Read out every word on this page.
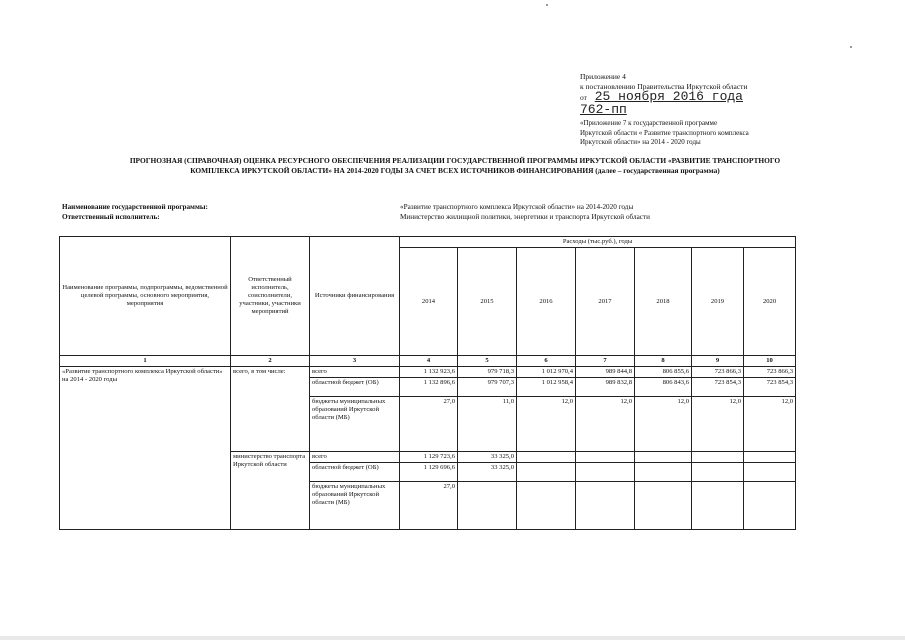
Приложение 4
к постановлению Правительства Иркутской области
от 25 ноября 2016 года
762-пп
«Приложение 7 к государственной программе
Иркутской области « Развитие транспортного комплекса
Иркутской области» на 2014 - 2020 годы
ПРОГНОЗНАЯ (СПРАВОЧНАЯ) ОЦЕНКА РЕСУРСНОГО ОБЕСПЕЧЕНИЯ РЕАЛИЗАЦИИ ГОСУДАРСТВЕННОЙ ПРОГРАММЫ ИРКУТСКОЙ ОБЛАСТИ «РАЗВИТИЕ ТРАНСПОРТНОГО
КОМПЛЕКСА ИРКУТСКОЙ ОБЛАСТИ» НА 2014-2020 ГОДЫ ЗА СЧЕТ ВСЕХ ИСТОЧНИКОВ ФИНАНСИРОВАНИЯ (далее – государственная программа)
Наименование государственной программы:	«Развитие транспортного комплекса Иркутской области» на 2014-2020 годы
Ответственный исполнитель:	Министерство жилищной политики, энергетики и транспорта Иркутской области
Наименование программы, подпрограммы, ведомственной целевой программы, основного мероприятия, мероприятия	Ответственный исполнитель, соисполнители, участники, участники мероприятий	Источники финансирования	Расходы (тыс.руб.), годы						
			2014	2015	2016	2017	2018	2019	2020
1	2	3	4	5	6	7	8	9	10
«Развитие транспортного комплекса Иркутской области» на 2014 - 2020 годы	всего, в том числе:	всего	1 132 923,6	979 718,3	1 012 970,4	989 844,8	806 855,6	723 866,3	723 866,3
		областной бюджет (ОБ)	1 132 896,6	979 707,3	1 012 958,4	989 832,8	806 843,6	723 854,3	723 854,3
		бюджеты муниципальных образований Иркутской области (МБ)	27,0	11,0	12,0	12,0	12,0	12,0	12,0
	министерство транспорта Иркутской области	всего	1 129 723,6	33 325,0					
		областной бюджет (ОБ)	1 129 696,6	33 325,0					
		бюджеты муниципальных образований Иркутской области (МБ)	27,0						
